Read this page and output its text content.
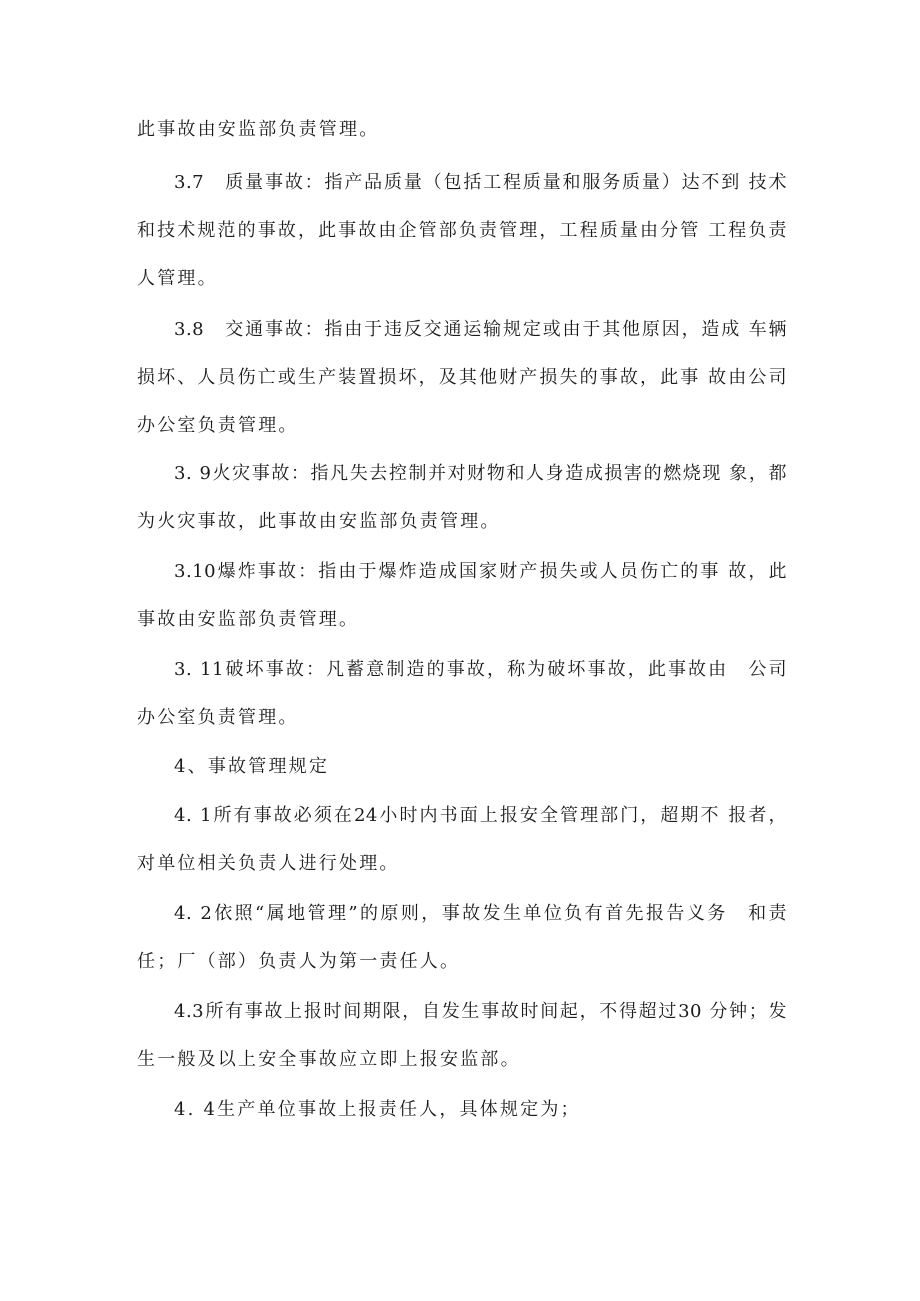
此事故由安监部负责管理。
3.7　质量事故：指产品质量（包括工程质量和服务质量）达不到 技术
和技术规范的事故，此事故由企管部负责管理，工程质量由分管 工程负责
人管理。
3.8　交通事故：指由于违反交通运输规定或由于其他原因，造成 车辆
损坏、人员伤亡或生产装置损坏，及其他财产损失的事故，此事 故由公司
办公室负责管理。
3. 9火灾事故：指凡失去控制并对财物和人身造成损害的燃烧现 象，都
为火灾事故，此事故由安监部负责管理。
3.10爆炸事故：指由于爆炸造成国家财产损失或人员伤亡的事 故，此
事故由安监部负责管理。
3. 11破坏事故：凡蓄意制造的事故，称为破坏事故，此事故由　公司
办公室负责管理。
4、事故管理规定
4. 1所有事故必须在24小时内书面上报安全管理部门，超期不 报者，
对单位相关负责人进行处理。
4. 2依照“属地管理”的原则，事故发生单位负有首先报告义务　和责
任；厂（部）负责人为第一责任人。
4.3所有事故上报时间期限，自发生事故时间起，不得超过30 分钟；发
生一般及以上安全事故应立即上报安监部。
4. 4生产单位事故上报责任人，具体规定为；
